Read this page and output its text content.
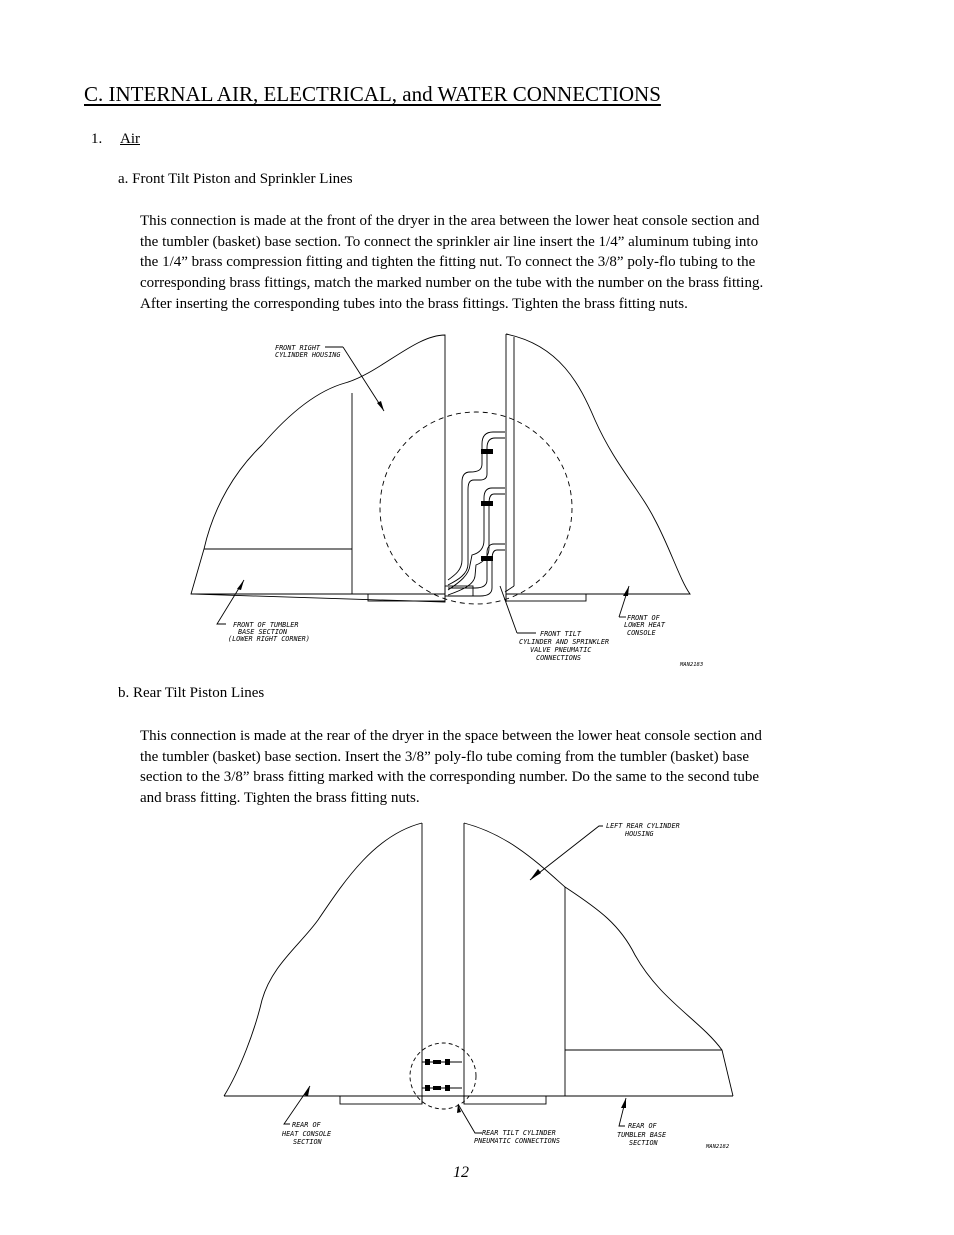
C. INTERNAL AIR, ELECTRICAL, and WATER CONNECTIONS
1. Air
a. Front Tilt Piston and Sprinkler Lines
This connection is made at the front of the dryer in the area between the lower heat console section and
the tumbler (basket) base section. To connect the sprinkler air line insert the 1/4” aluminum tubing into
the 1/4” brass compression fitting and tighten the fitting nut. To connect the 3/8” poly-flo tubing to the
corresponding brass fittings, match the marked number on the tube with the number on the brass fitting.
After inserting the corresponding tubes into the brass fittings. Tighten the brass fitting nuts.
FRONT RIGHT
CYLINDER HOUSING
FRONT OF TUMBLER
BASE SECTION
(LOWER RIGHT CORNER)
FRONT TILT
CYLINDER AND SPRINKLER
VALVE PNEUMATIC
CONNECTIONS
FRONT OF
LOWER HEAT
CONSOLE
MAN2183
b. Rear Tilt Piston Lines
This connection is made at the rear of the dryer in the space between the lower heat console section and
the tumbler (basket) base section. Insert the 3/8” poly-flo tube coming from the tumbler (basket) base
section to the 3/8” brass fitting marked with the corresponding number. Do the same to the second tube
and brass fitting. Tighten the brass fitting nuts.
LEFT REAR CYLINDER
HOUSING
REAR OF
HEAT CONSOLE
SECTION
REAR TILT CYLINDER
PNEUMATIC CONNECTIONS
REAR OF
TUMBLER BASE
SECTION	MAN2182
12
